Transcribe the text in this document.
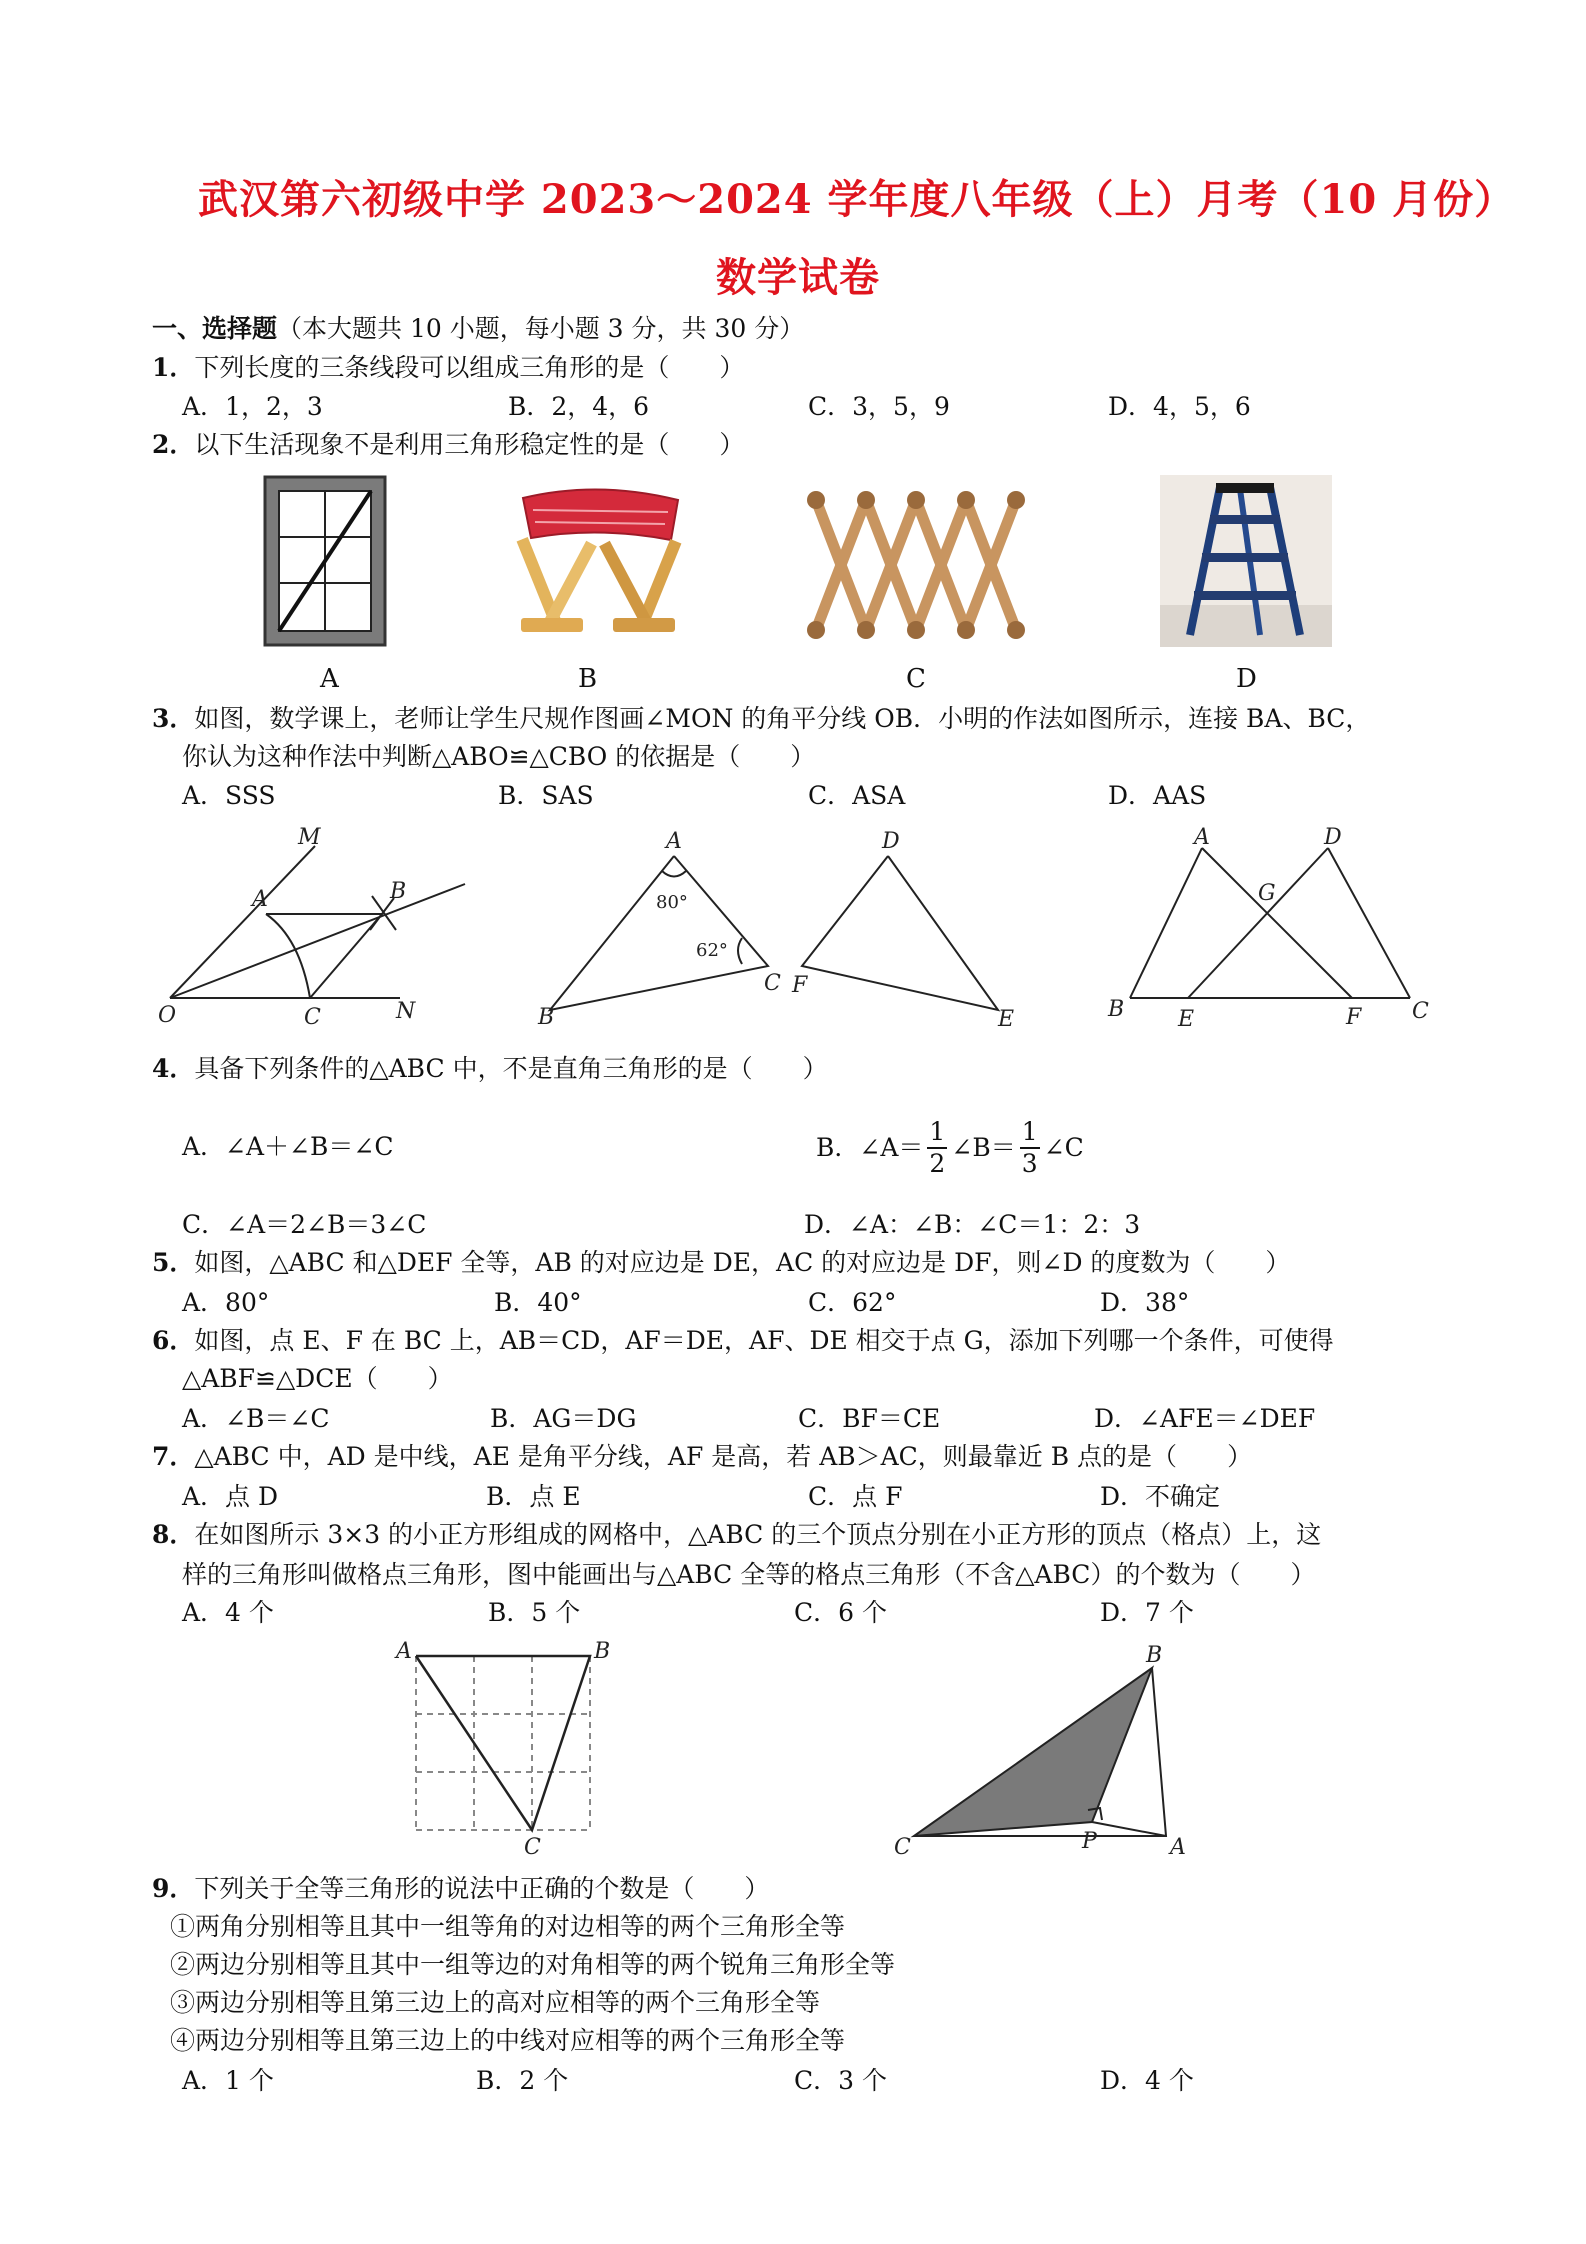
武汉第六初级中学 2023～2024 学年度八年级（上）月考（10 月份）
数学试卷
一、选择题（本大题共 10 小题，每小题 3 分，共 30 分）
1．下列长度的三条线段可以组成三角形的是（　　）
A．1，2，3	B．2，4，6	C．3，5，9	D．4，5，6
2．以下生活现象不是利用三角形稳定性的是（　　）
A	B	C	D
3．如图，数学课上，老师让学生尺规作图画∠MON 的角平分线 OB．小明的作法如图所示，连接 BA、BC，
你认为这种作法中判断△ABO≌△CBO 的依据是（　　）
A．SSS	B．SAS	C．ASA	D．AAS
M
A	B
O	C	N
A
B
C
80°
62°
D
F
E
A	D
G
B E	F C
4．具备下列条件的△ABC 中，不是直角三角形的是（　　）
A．∠A＋∠B＝∠C	B．∠A＝
1
2
∠B＝
1
3
∠C
C．∠A＝2∠B＝3∠C	D．∠A：∠B：∠C＝1：2：3
5．如图，△ABC 和△DEF 全等，AB 的对应边是 DE，AC 的对应边是 DF，则∠D 的度数为（　　）
A．80°	B．40°	C．62°	D．38°
6．如图，点 E、F 在 BC 上，AB＝CD，AF＝DE，AF、DE 相交于点 G，添加下列哪一个条件，可使得
△ABF≌△DCE（　　）
A．∠B＝∠C	B．AG＝DG	C．BF＝CE	D．∠AFE＝∠DEF
7．△ABC 中，AD 是中线，AE 是角平分线，AF 是高，若 AB＞AC，则最靠近 B 点的是（　　）
A．点 D	B．点 E	C．点 F	D．不确定
8．在如图所示 3×3 的小正方形组成的网格中，△ABC 的三个顶点分别在小正方形的顶点（格点）上，这
样的三角形叫做格点三角形，图中能画出与△ABC 全等的格点三角形（不含△ABC）的个数为（　　）
A．4 个	B．5 个	C．6 个	D．7 个
A	B
C
B
C	P	A
9．下列关于全等三角形的说法中正确的个数是（　　）
①两角分别相等且其中一组等角的对边相等的两个三角形全等
②两边分别相等且其中一组等边的对角相等的两个锐角三角形全等
③两边分别相等且第三边上的高对应相等的两个三角形全等
④两边分别相等且第三边上的中线对应相等的两个三角形全等
A．1 个	B．2 个	C．3 个	D．4 个
